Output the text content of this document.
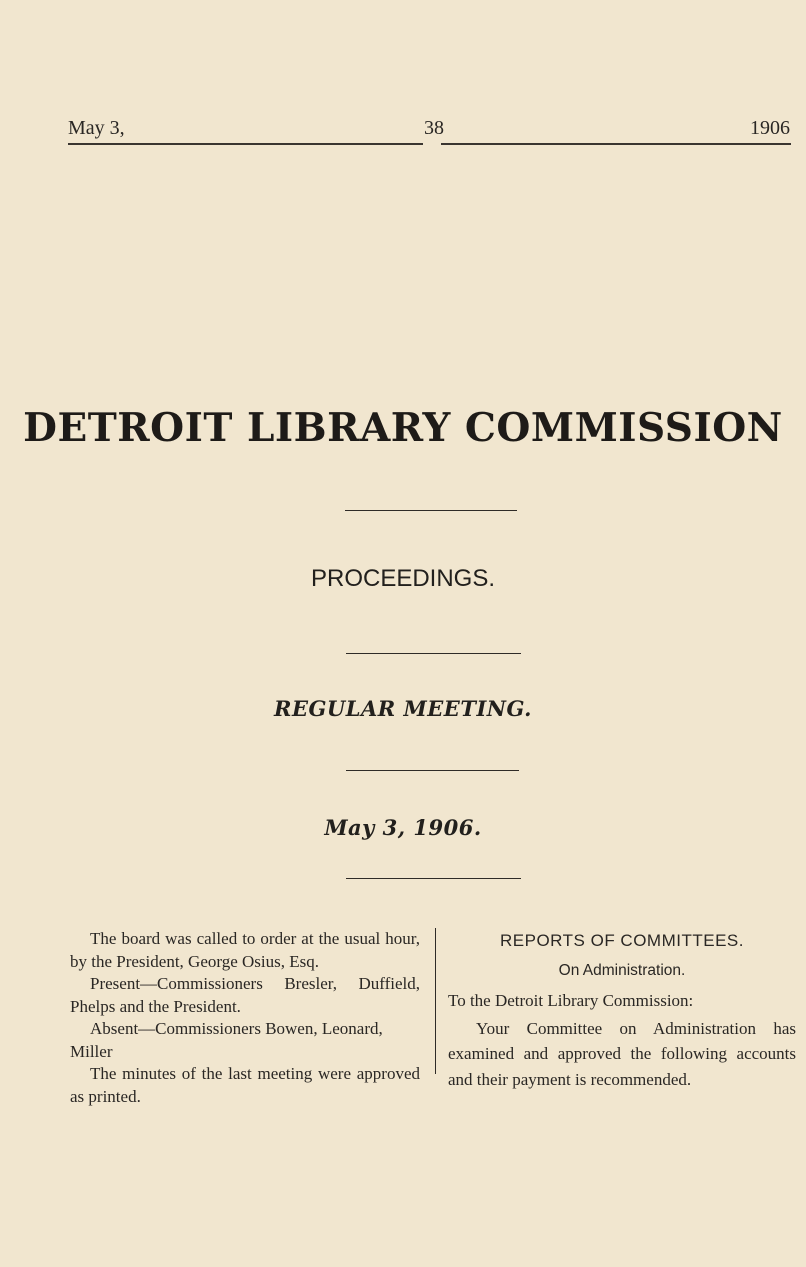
May 3,	38	1906
DETROIT LIBRARY COMMISSION
PROCEEDINGS.
REGULAR MEETING.
May 3, 1906.

The board was called to order at the usual hour, by the President, George Osius, Esq.

Present—Commissioners Bresler, Duffield, Phelps and the President.

Absent—Commissioners Bowen, Leonard, Miller

The minutes of the last meeting were approved as printed.

REPORTS OF COMMITTEES.
On Administration.

To the Detroit Library Commission:

Your Committee on Administration has examined and approved the following accounts and their payment is recommended.
